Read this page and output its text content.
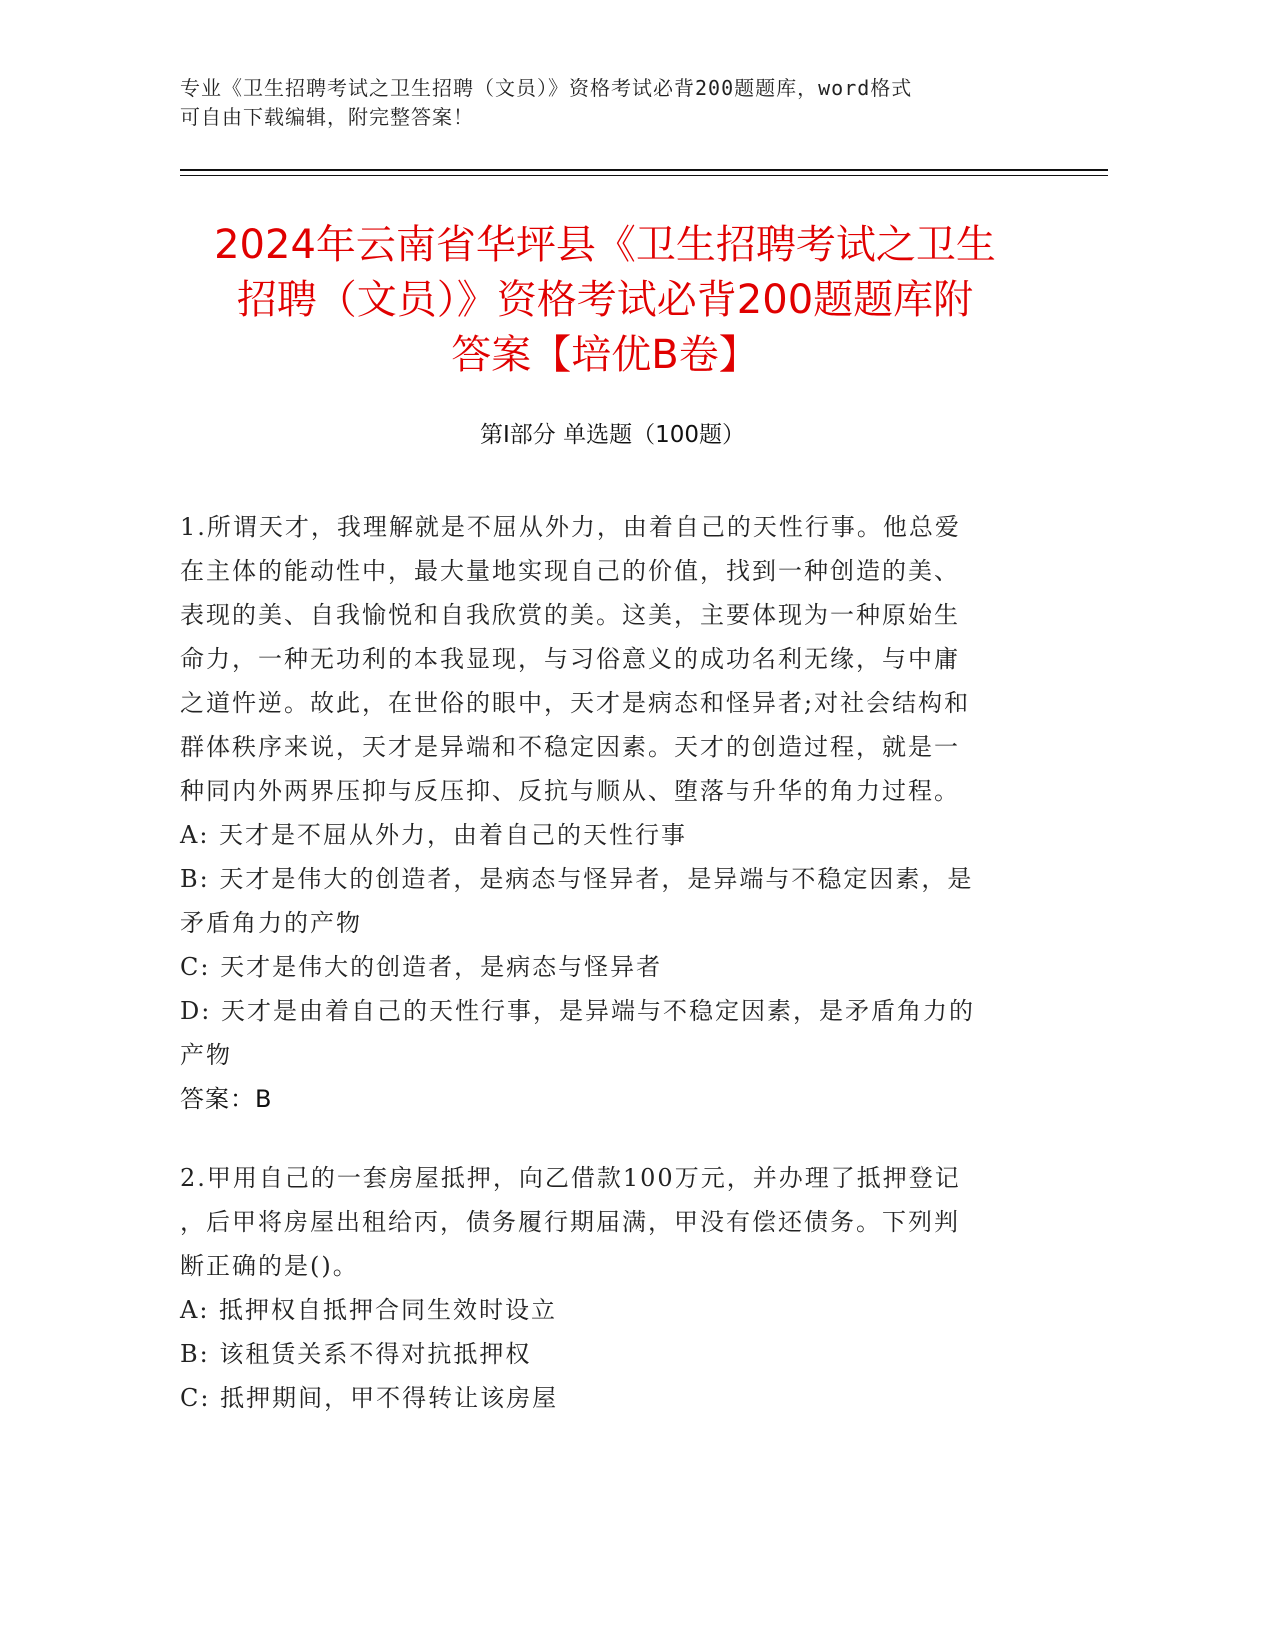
专业《卫生招聘考试之卫生招聘（文员）》资格考试必背200题题库，word格式
可自由下载编辑，附完整答案！
2024年云南省华坪县《卫生招聘考试之卫生
招聘（文员）》资格考试必背200题题库附
答案【培优B卷】
第Ⅰ部分 单选题（100题）

1.所谓天才，我理解就是不屈从外力，由着自己的天性行事。他总爱

在主体的能动性中，最大量地实现自己的价值，找到一种创造的美、

表现的美、自我愉悦和自我欣赏的美。这美，主要体现为一种原始生

命力，一种无功利的本我显现，与习俗意义的成功名利无缘，与中庸

之道忤逆。故此，在世俗的眼中，天才是病态和怪异者;对社会结构和

群体秩序来说，天才是异端和不稳定因素。天才的创造过程，就是一

种同内外两界压抑与反压抑、反抗与顺从、堕落与升华的角力过程。

A: 天才是不屈从外力，由着自己的天性行事

B: 天才是伟大的创造者，是病态与怪异者，是异端与不稳定因素，是

矛盾角力的产物

C: 天才是伟大的创造者，是病态与怪异者

D: 天才是由着自己的天性行事，是异端与不稳定因素，是矛盾角力的

产物

答案：B

2.甲用自己的一套房屋抵押，向乙借款100万元，并办理了抵押登记

，后甲将房屋出租给丙，债务履行期届满，甲没有偿还债务。下列判

断正确的是()。

A: 抵押权自抵押合同生效时设立

B: 该租赁关系不得对抗抵押权

C: 抵押期间，甲不得转让该房屋
